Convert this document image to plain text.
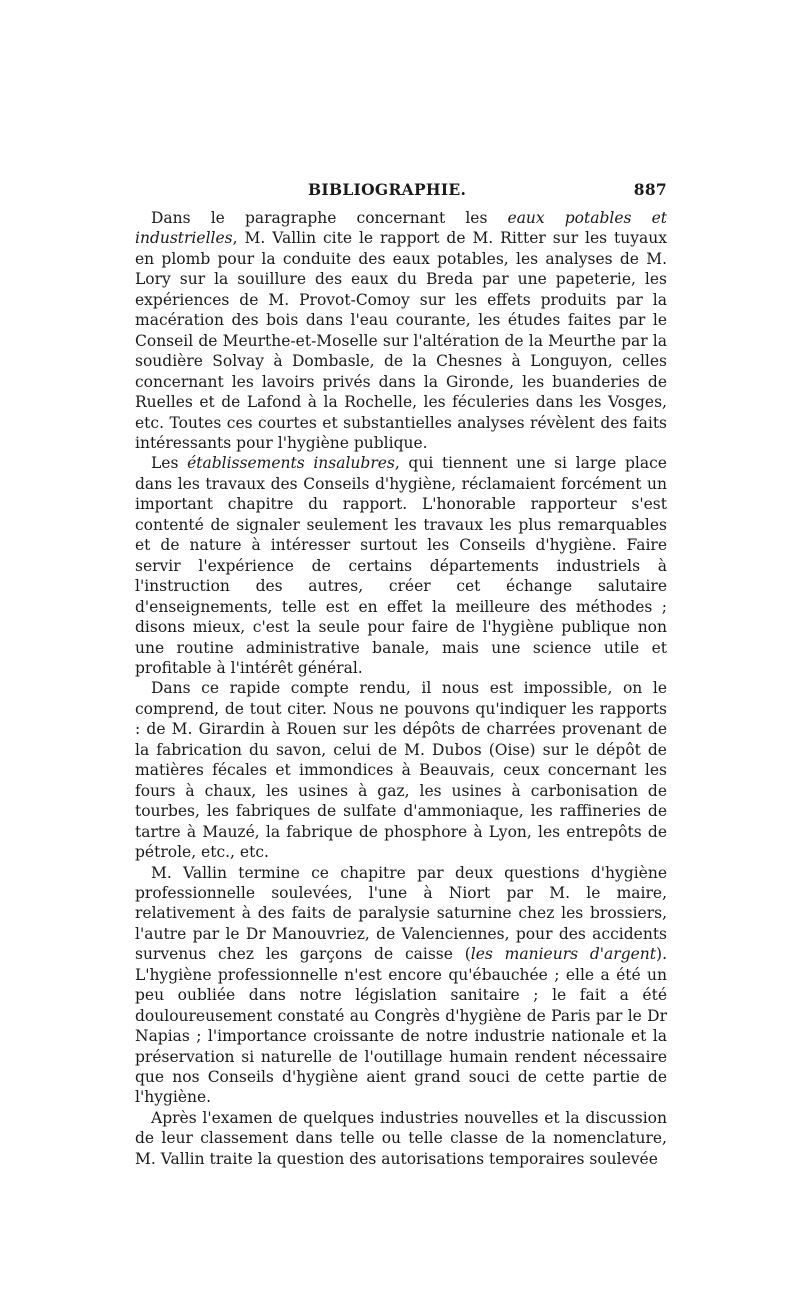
BIBLIOGRAPHIE.	887

Dans le paragraphe concernant les eaux potables et industrielles, M. Vallin cite le rapport de M. Ritter sur les tuyaux en plomb pour la conduite des eaux potables, les analyses de M. Lory sur la souillure des eaux du Breda par une papeterie, les expériences de M. Provot-Comoy sur les effets produits par la macération des bois dans l'eau courante, les études faites par le Conseil de Meurthe-et-Moselle sur l'altération de la Meurthe par la soudière Solvay à Dombasle, de la Chesnes à Longuyon, celles concernant les lavoirs privés dans la Gironde, les buanderies de Ruelles et de Lafond à la Rochelle, les féculeries dans les Vosges, etc. Toutes ces courtes et substantielles analyses révèlent des faits intéressants pour l'hygiène publique.

Les établissements insalubres, qui tiennent une si large place dans les travaux des Conseils d'hygiène, réclamaient forcément un important chapitre du rapport. L'honorable rapporteur s'est contenté de signaler seulement les travaux les plus remarquables et de nature à intéresser surtout les Conseils d'hygiène. Faire servir l'expérience de certains départements industriels à l'instruction des autres, créer cet échange salutaire d'enseignements, telle est en effet la meilleure des méthodes ; disons mieux, c'est la seule pour faire de l'hygiène publique non une routine administrative banale, mais une science utile et profitable à l'intérêt général.

Dans ce rapide compte rendu, il nous est impossible, on le comprend, de tout citer. Nous ne pouvons qu'indiquer les rapports : de M. Girardin à Rouen sur les dépôts de charrées provenant de la fabrication du savon, celui de M. Dubos (Oise) sur le dépôt de matières fécales et immondices à Beauvais, ceux concernant les fours à chaux, les usines à gaz, les usines à carbonisation de tourbes, les fabriques de sulfate d'ammoniaque, les raffineries de tartre à Mauzé, la fabrique de phosphore à Lyon, les entrepôts de pétrole, etc., etc.

M. Vallin termine ce chapitre par deux questions d'hygiène professionnelle soulevées, l'une à Niort par M. le maire, relativement à des faits de paralysie saturnine chez les brossiers, l'autre par le Dr Manouvriez, de Valenciennes, pour des accidents survenus chez les garçons de caisse (les manieurs d'argent). L'hygiène professionnelle n'est encore qu'ébauchée ; elle a été un peu oubliée dans notre législation sanitaire ; le fait a été douloureusement constaté au Congrès d'hygiène de Paris par le Dr Napias ; l'importance croissante de notre industrie nationale et la préservation si naturelle de l'outillage humain rendent nécessaire que nos Conseils d'hygiène aient grand souci de cette partie de l'hygiène.

Après l'examen de quelques industries nouvelles et la discussion de leur classement dans telle ou telle classe de la nomenclature, M. Vallin traite la question des autorisations temporaires soulevée
